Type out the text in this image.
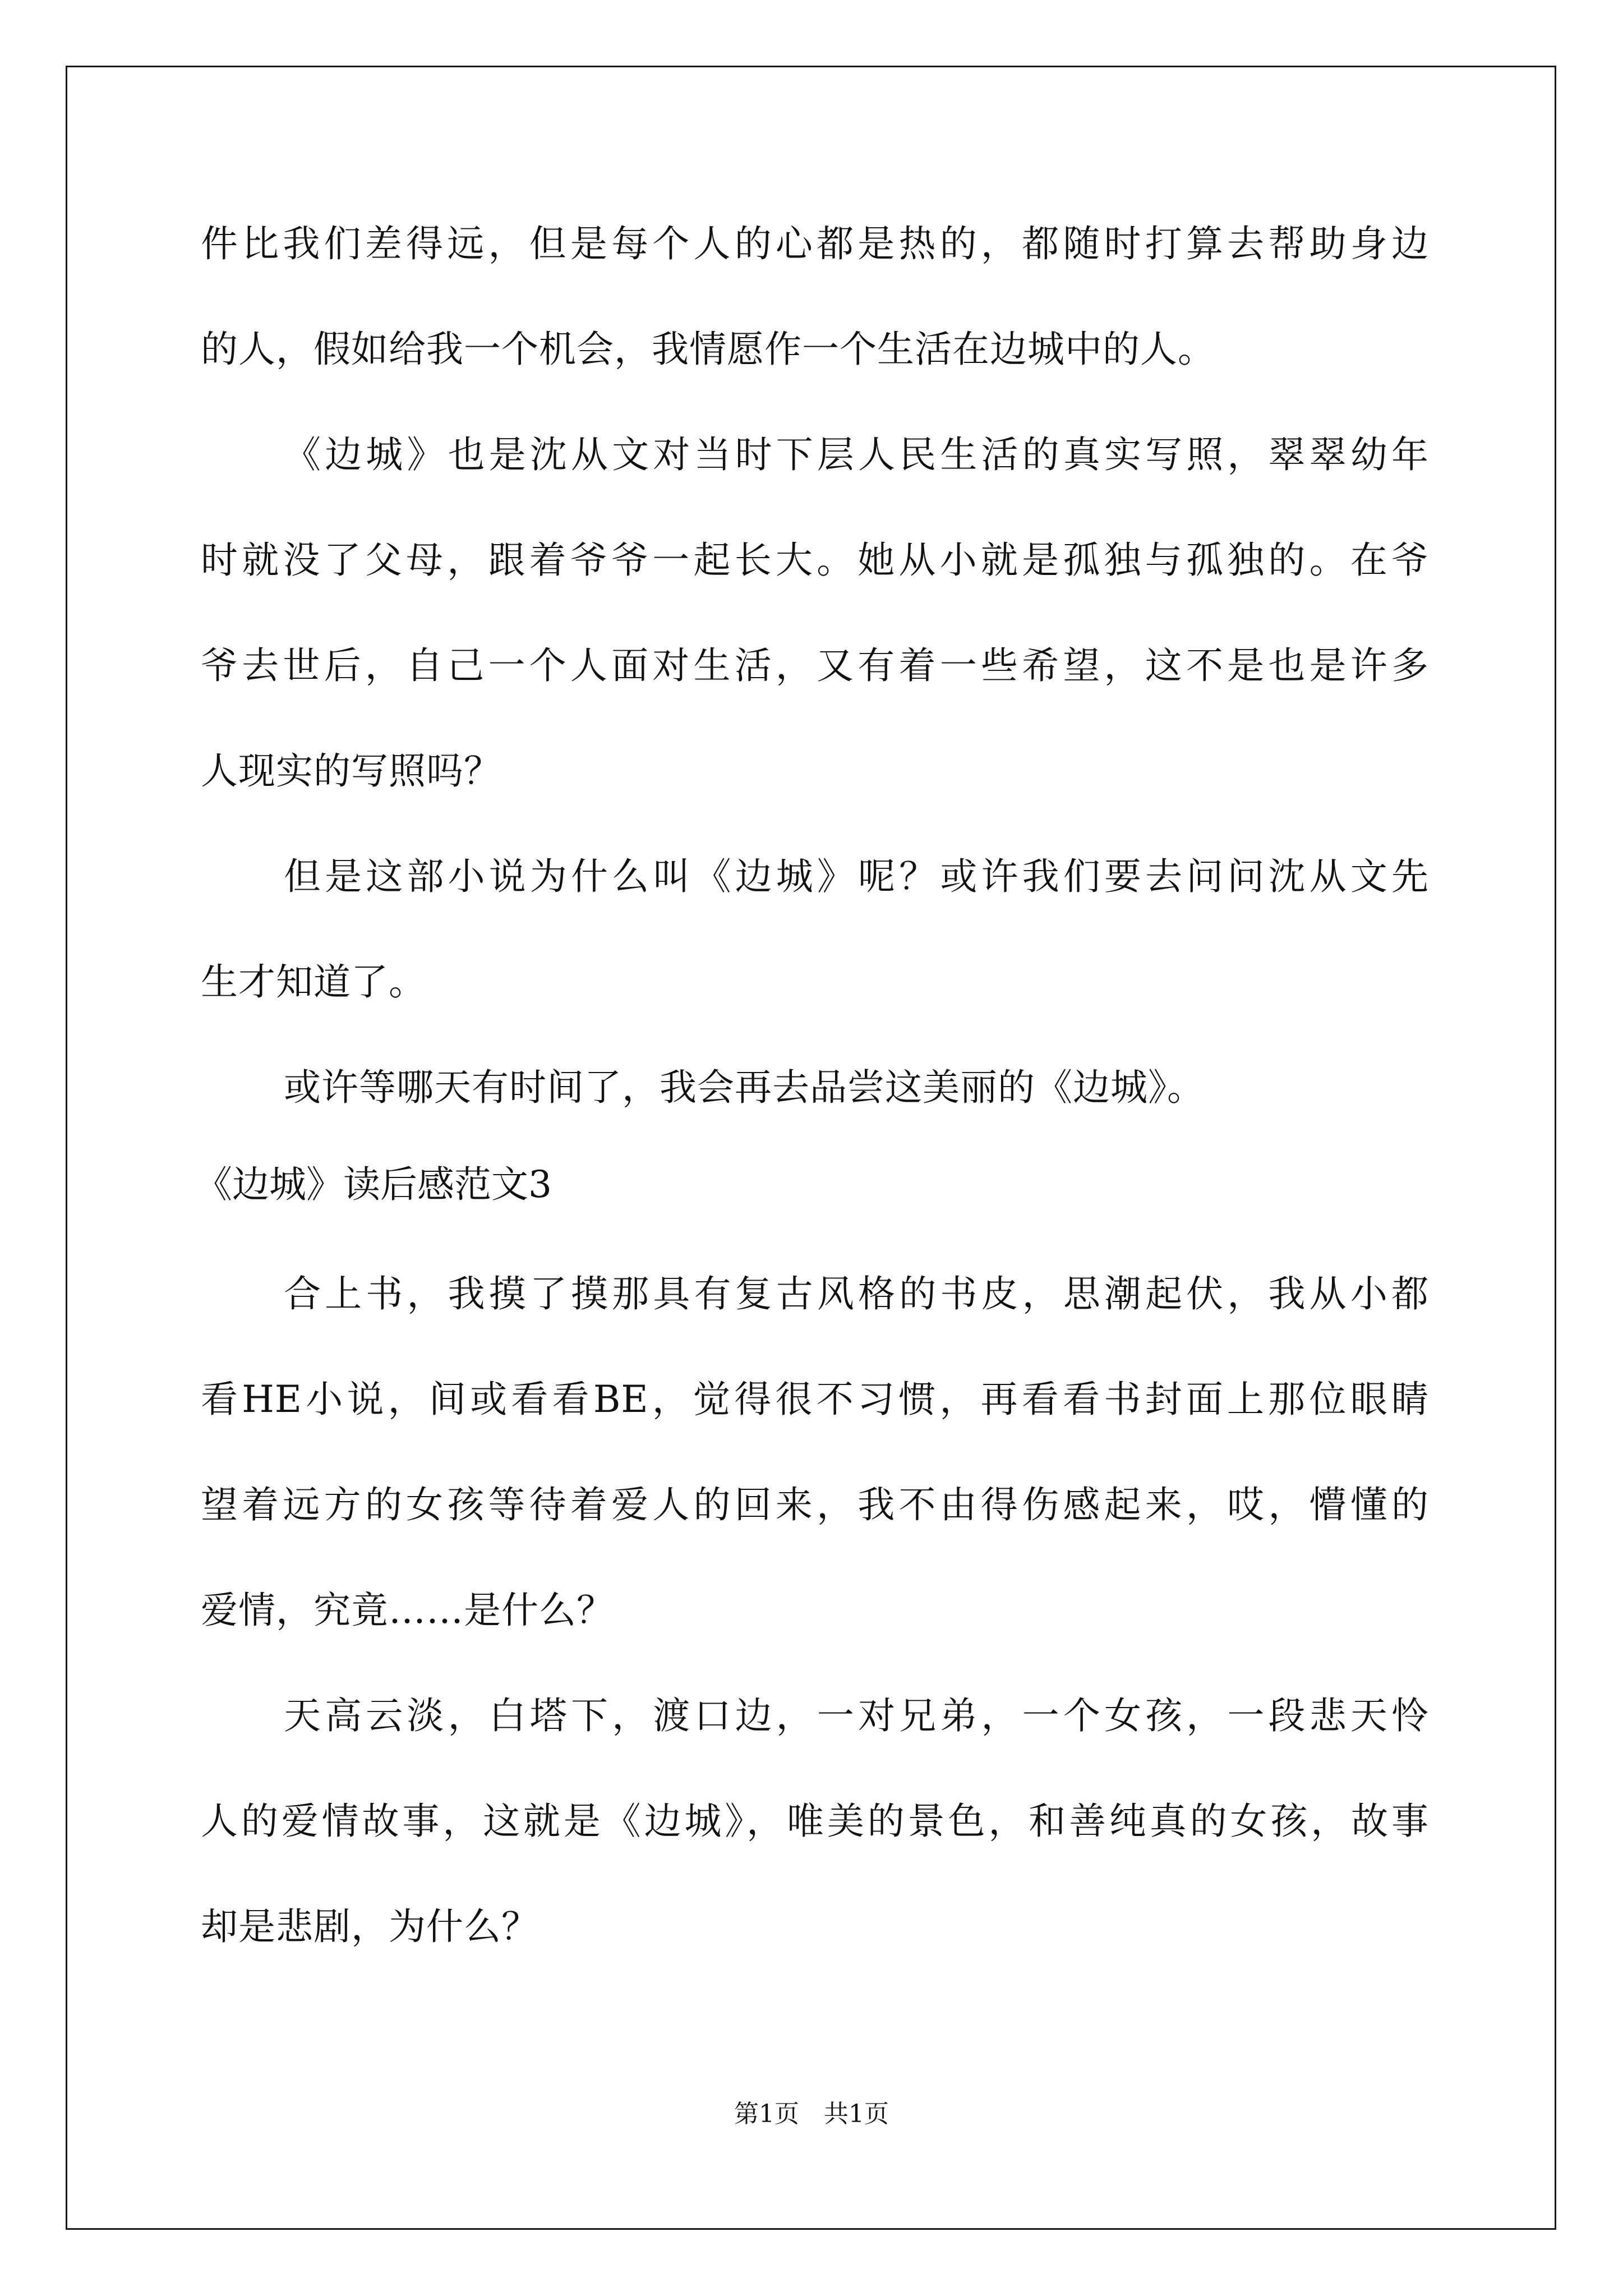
件比我们差得远，但是每个人的心都是热的，都随时打算去帮助身边
的人，假如给我一个机会，我情愿作一个生活在边城中的人。
《边城》也是沈从文对当时下层人民生活的真实写照，翠翠幼年
时就没了父母，跟着爷爷一起长大。她从小就是孤独与孤独的。在爷
爷去世后，自己一个人面对生活，又有着一些希望，这不是也是许多
人现实的写照吗？
但是这部小说为什么叫《边城》呢？或许我们要去问问沈从文先
生才知道了。
或许等哪天有时间了，我会再去品尝这美丽的《边城》。
《边城》读后感范文3
合上书，我摸了摸那具有复古风格的书皮，思潮起伏，我从小都
看HE小说，间或看看BE，觉得很不习惯，再看看书封面上那位眼睛
望着远方的女孩等待着爱人的回来，我不由得伤感起来，哎，懵懂的
爱情，究竟……是什么？
天高云淡，白塔下，渡口边，一对兄弟，一个女孩，一段悲天怜
人的爱情故事，这就是《边城》，唯美的景色，和善纯真的女孩，故事
却是悲剧，为什么？
第1页　共1页
